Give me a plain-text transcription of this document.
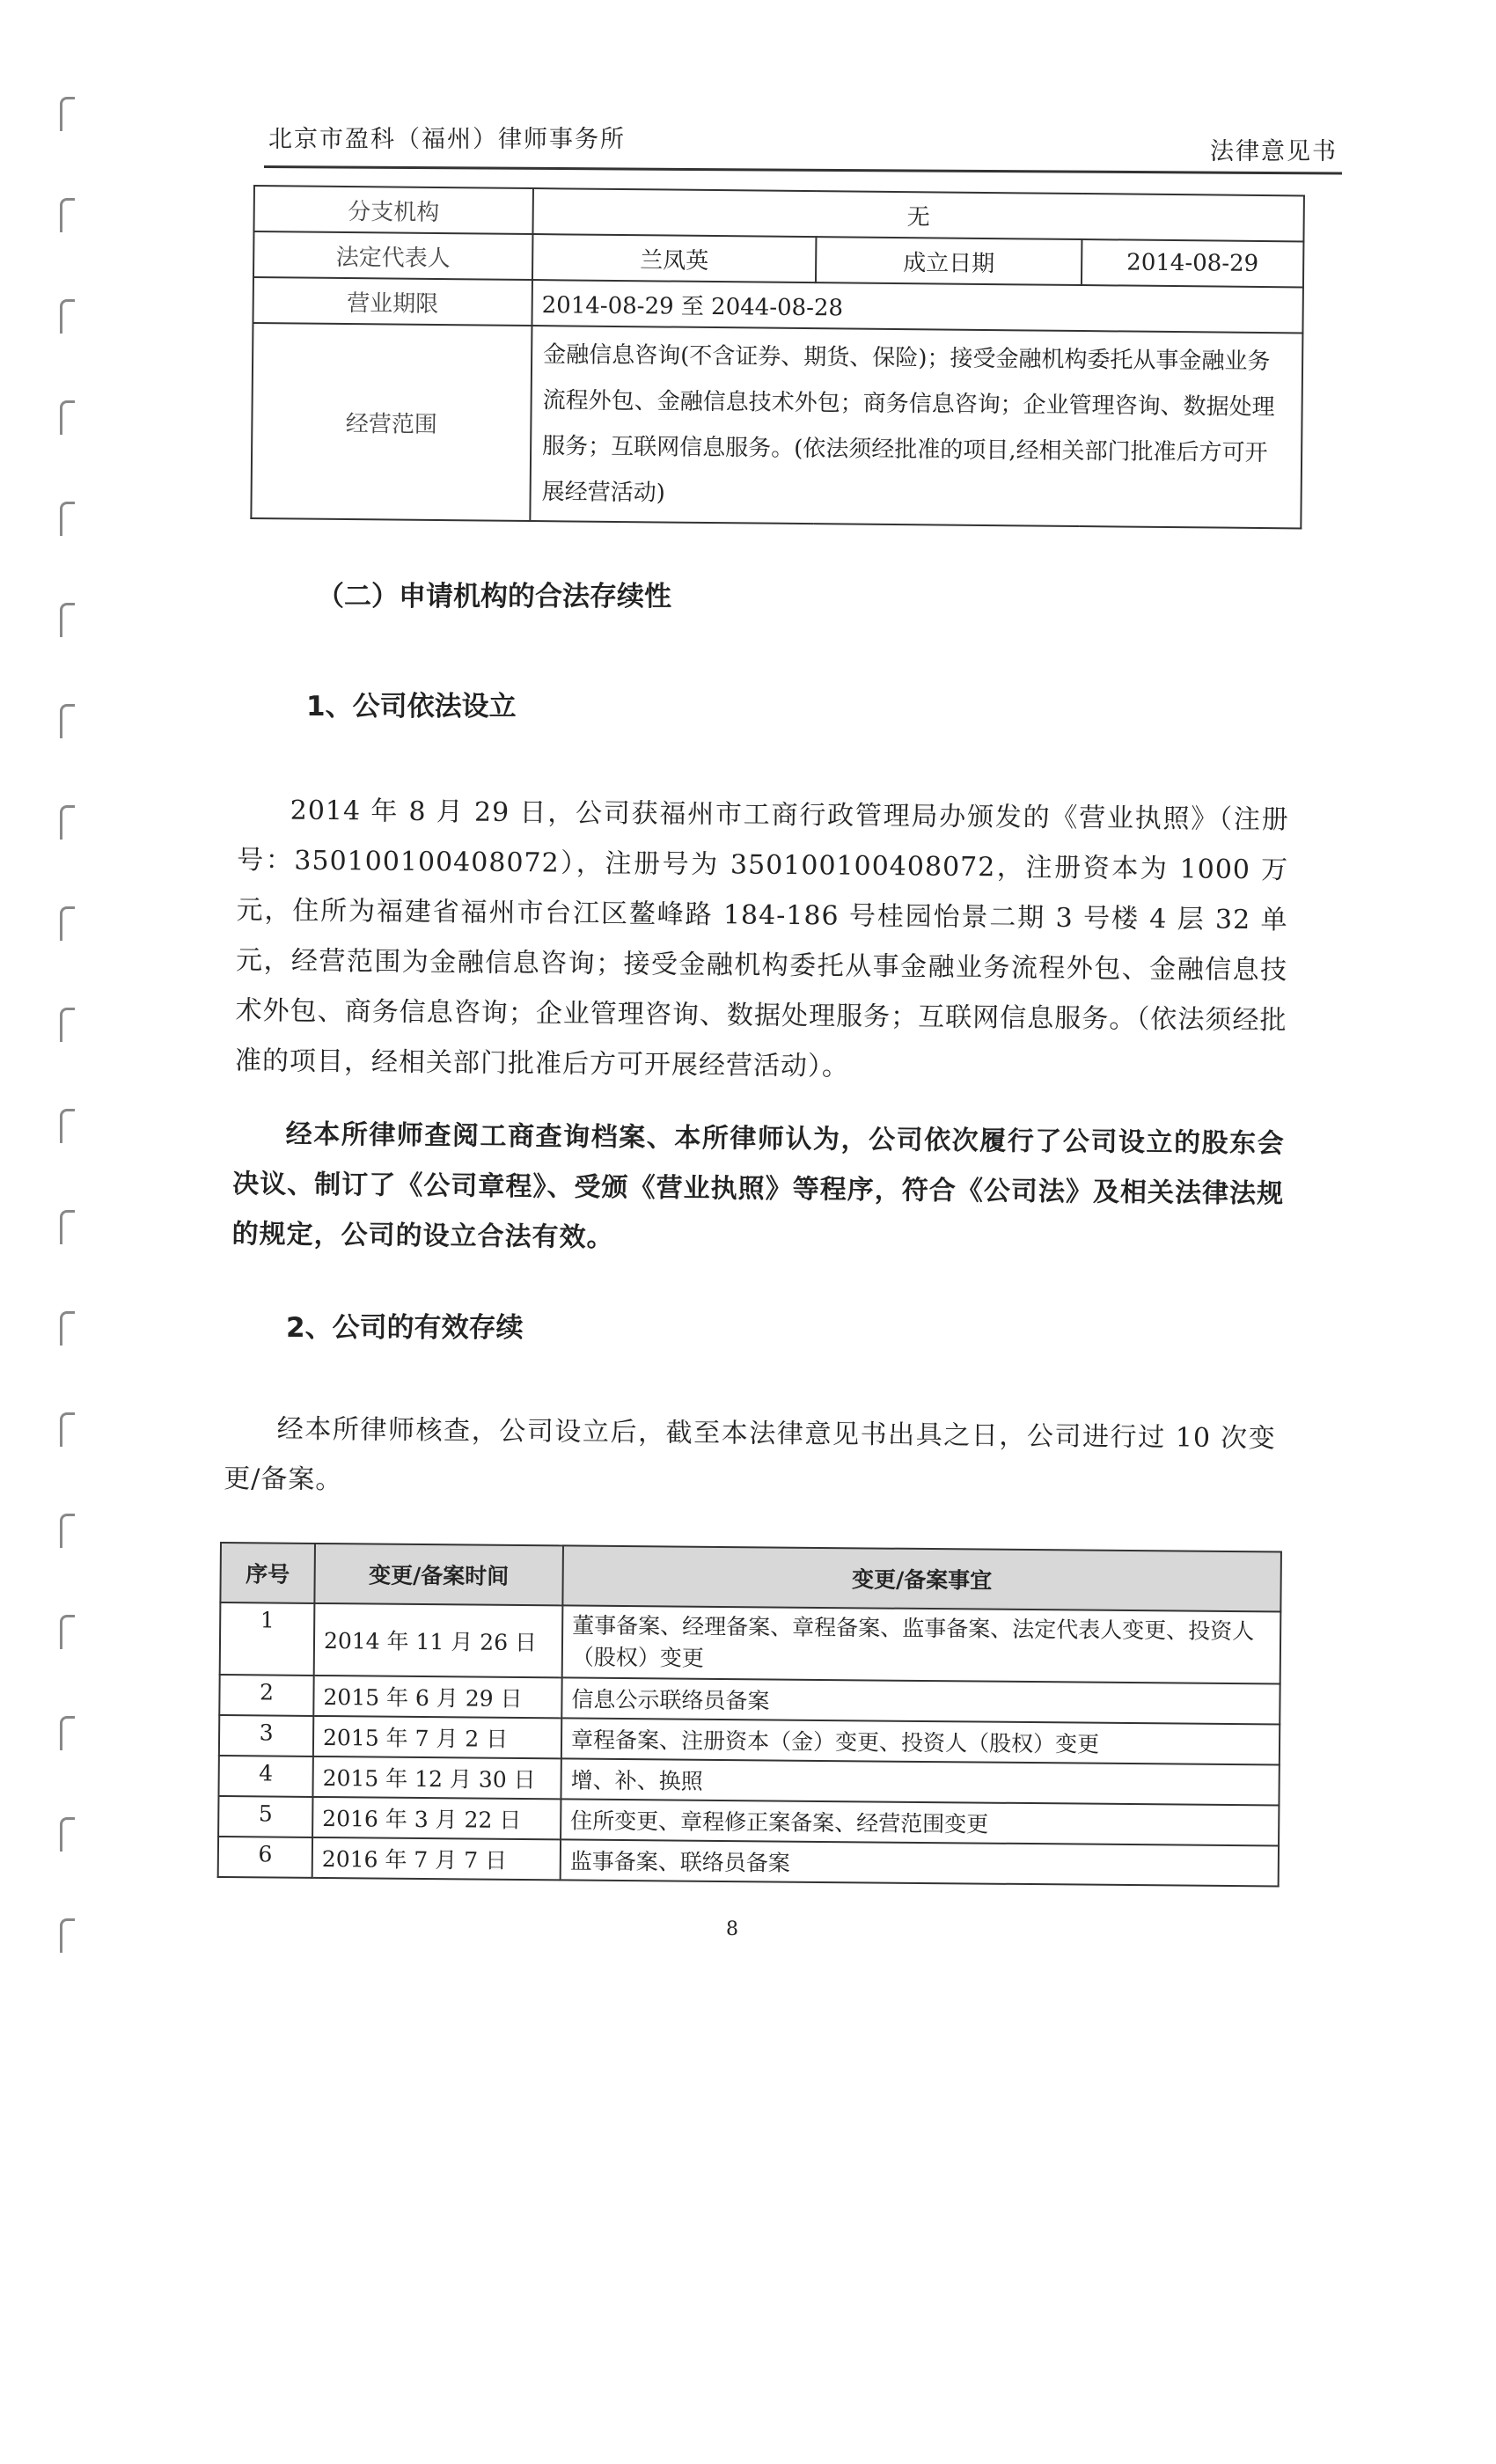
北京市盈科（福州）律师事务所	法律意见书
分支机构	无		
法定代表人	兰凤英	成立日期	2014-08-29
营业期限	2014-08-29 至 2044-08-28		
经营范围	金融信息咨询(不含证券、期货、保险)；接受金融机构委托从事金融业务流程外包、金融信息技术外包；商务信息咨询；企业管理咨询、数据处理服务；互联网信息服务。(依法须经批准的项目,经相关部门批准后方可开展经营活动)		
（二）申请机构的合法存续性
1、公司依法设立
2014 年 8 月 29 日，公司获福州市工商行政管理局办颁发的《营业执照》（注册号：350100100408072），注册号为 350100100408072，注册资本为 1000 万元，住所为福建省福州市台江区鳌峰路 184-186 号桂园怡景二期 3 号楼 4 层 32 单元，经营范围为金融信息咨询；接受金融机构委托从事金融业务流程外包、金融信息技术外包、商务信息咨询；企业管理咨询、数据处理服务；互联网信息服务。（依法须经批准的项目，经相关部门批准后方可开展经营活动）。
经本所律师查阅工商查询档案、本所律师认为，公司依次履行了公司设立的股东会决议、制订了《公司章程》、受颁《营业执照》等程序，符合《公司法》及相关法律法规的规定，公司的设立合法有效。
2、公司的有效存续
经本所律师核查，公司设立后，截至本法律意见书出具之日，公司进行过 10 次变更/备案。
序号	变更/备案时间	变更/备案事宜
1	2014 年 11 月 26 日	董事备案、经理备案、章程备案、监事备案、法定代表人变更、投资人（股权）变更
2	2015 年 6 月 29 日	信息公示联络员备案
3	2015 年 7 月 2 日	章程备案、注册资本（金）变更、投资人（股权）变更
4	2015 年 12 月 30 日	增、补、换照
5	2016 年 3 月 22 日	住所变更、章程修正案备案、经营范围变更
6	2016 年 7 月 7 日	监事备案、联络员备案
8
